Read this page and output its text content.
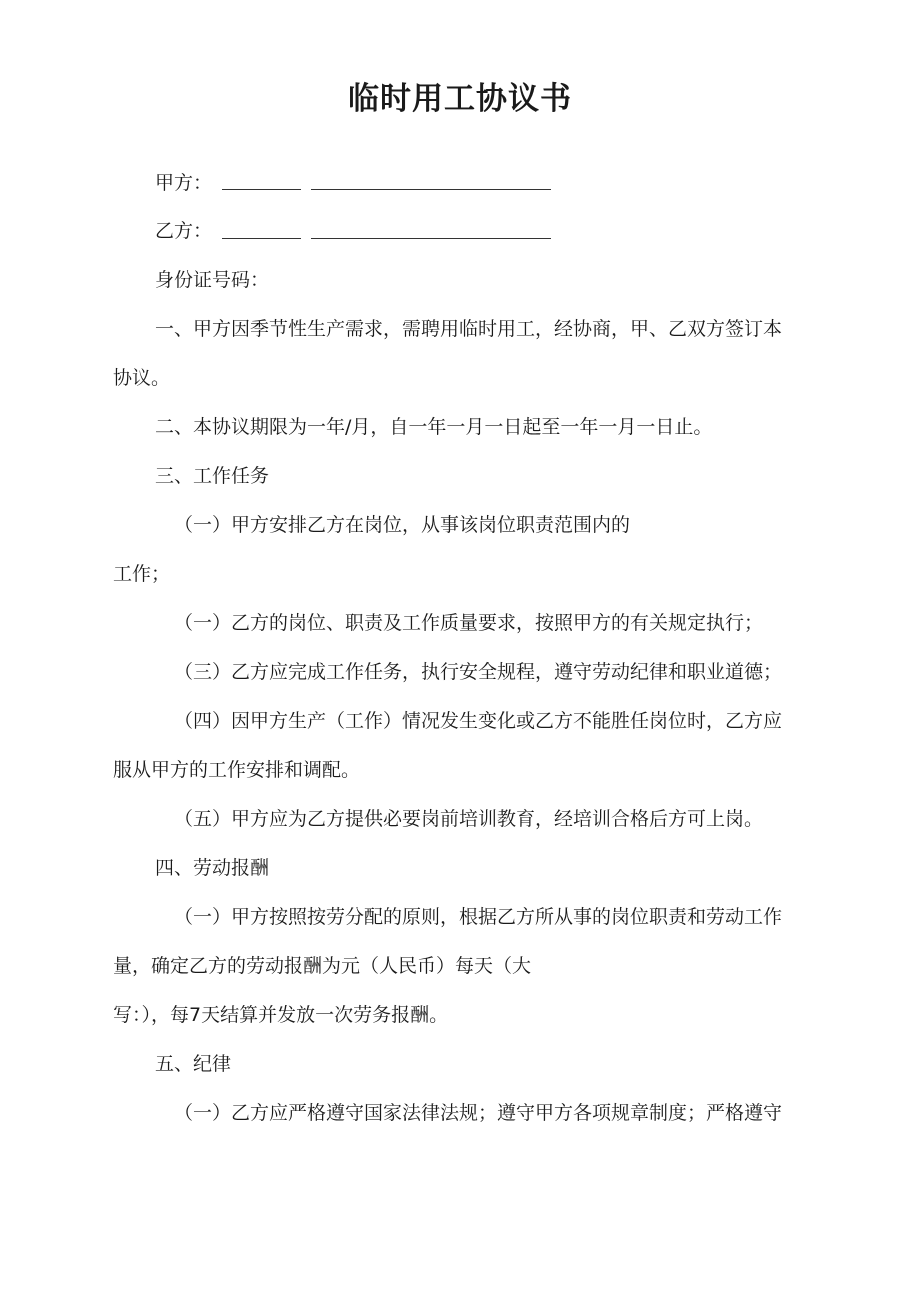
临时用工协议书
甲方：
乙方：
身份证号码：
一、甲方因季节性生产需求，需聘用临时用工，经协商，甲、乙双方签订本
协议。
二、本协议期限为一年/月，自一年一月一日起至一年一月一日止。
三、工作任务
（一）甲方安排乙方在岗位，从事该岗位职责范围内的
工作；
（一）乙方的岗位、职责及工作质量要求，按照甲方的有关规定执行；
（三）乙方应完成工作任务，执行安全规程，遵守劳动纪律和职业道德；
（四）因甲方生产（工作）情况发生变化或乙方不能胜任岗位时，乙方应
服从甲方的工作安排和调配。
（五）甲方应为乙方提供必要岗前培训教育，经培训合格后方可上岗。
四、劳动报酬
（一）甲方按照按劳分配的原则，根据乙方所从事的岗位职责和劳动工作
量，确定乙方的劳动报酬为元（人民币）每天（大
写：），每7天结算并发放一次劳务报酬。
五、纪律
（一）乙方应严格遵守国家法律法规；遵守甲方各项规章制度；严格遵守
